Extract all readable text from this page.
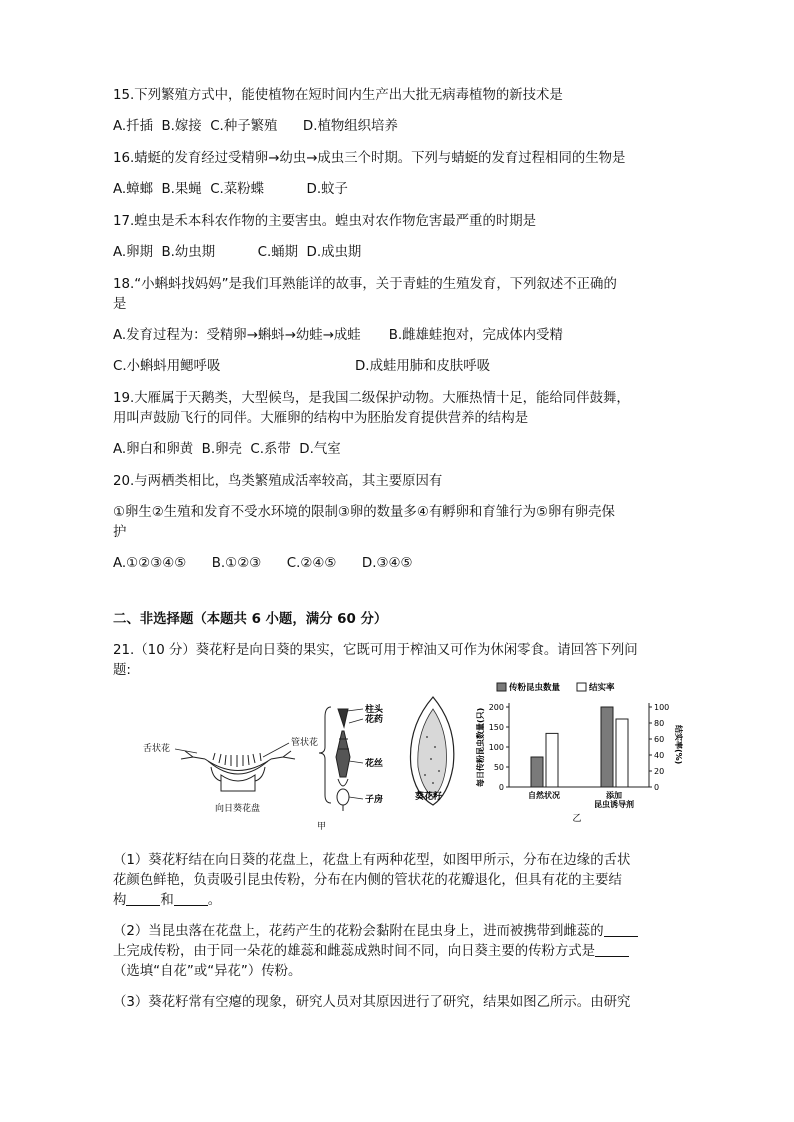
15.下列繁殖方式中，能使植物在短时间内生产出大批无病毒植物的新技术是

A.扦插  B.嫁接  C.种子繁殖      D.植物组织培养

16.蜻蜓的发育经过受精卵→幼虫→成虫三个时期。下列与蜻蜓的发育过程相同的生物是

A.蟑螂  B.果蝇  C.菜粉蝶          D.蚊子

17.蝗虫是禾本科农作物的主要害虫。蝗虫对农作物危害最严重的时期是

A.卵期  B.幼虫期          C.蛹期  D.成虫期

18.“小蝌蚪找妈妈”是我们耳熟能详的故事，关于青蛙的生殖发育，下列叙述不正确的

是

A.发育过程为：受精卵→蝌蚪→幼蛙→成蛙 B.雌雄蛙抱对，完成体内受精

C.小蝌蚪用鳃呼吸	D.成蛙用肺和皮肤呼吸

19.大雁属于天鹅类，大型候鸟，是我国二级保护动物。大雁热情十足，能给同伴鼓舞，

用叫声鼓励飞行的同伴。大雁卵的结构中为胚胎发育提供营养的结构是

A.卵白和卵黄  B.卵壳  C.系带  D.气室

20.与两栖类相比，鸟类繁殖成活率较高，其主要原因有

①卵生②生殖和发育不受水环境的限制③卵的数量多④有孵卵和育雏行为⑤卵有卵壳保

护

A.①②③④⑤      B.①②③      C.②④⑤      D.③④⑤

二、非选择题（本题共 6 小题，满分 60 分）

21.（10 分）葵花籽是向日葵的果实，它既可用于榨油又可作为休闲零食。请回答下列问

题:

舌状花
管状花
向日葵花盘
柱头
花药
花丝
子房	葵花籽
甲
0
50
100
150
200
0
20
40
60
80
100
自然状况	添加
昆虫诱导剂
传粉昆虫数量	结实率
每日传粉昆虫数量(只)	结实率(%)
乙

（1）葵花籽结在向日葵的花盘上，花盘上有两种花型，如图甲所示，分布在边缘的舌状

花颜色鲜艳，负责吸引昆虫传粉，分布在内侧的管状花的花瓣退化，但具有花的主要结

构	和	。

（2）当昆虫落在花盘上，花药产生的花粉会黏附在昆虫身上，进而被携带到雌蕊的

上完成传粉，由于同一朵花的雄蕊和雌蕊成熟时间不同，向日葵主要的传粉方式是

（选填“自花”或“异花”）传粉。

（3）葵花籽常有空瘪的现象，研究人员对其原因进行了研究，结果如图乙所示。由研究
